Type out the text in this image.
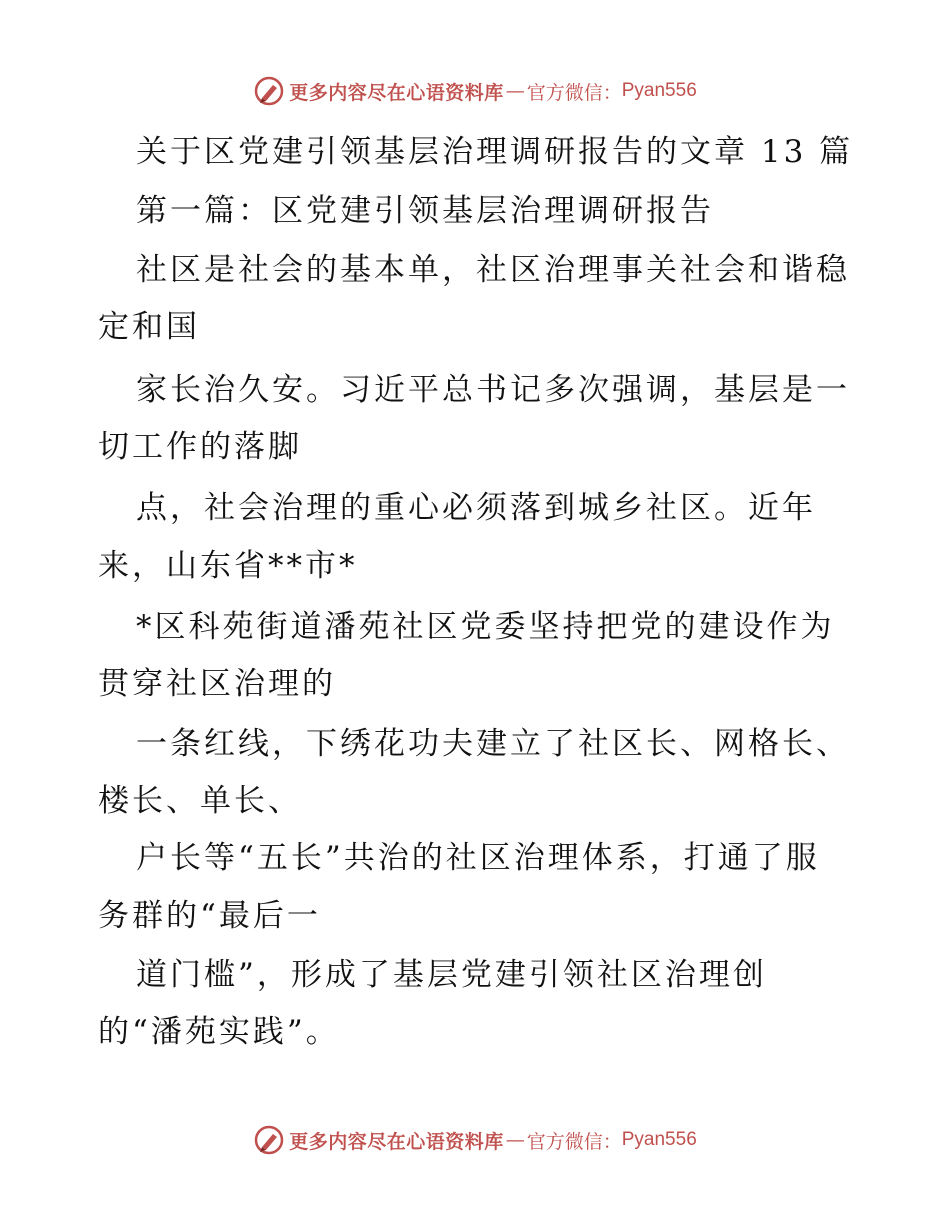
更多内容尽在心语资料库 — 官方微信： Pyan556
关于区党建引领基层治理调研报告的文章 13 篇
第一篇：区党建引领基层治理调研报告
社区是社会的基本单，社区治理事关社会和谐稳
定和国
家长治久安。习近平总书记多次强调，基层是一
切工作的落脚
点，社会治理的重心必须落到城乡社区。近年
来，山东省**市*
*区科苑街道潘苑社区党委坚持把党的建设作为
贯穿社区治理的
一条红线，下绣花功夫建立了社区长、网格长、
楼长、单长、
户长等“五长”共治的社区治理体系，打通了服
务群的“最后一
道门槛”，形成了基层党建引领社区治理创
的“潘苑实践”。
更多内容尽在心语资料库 — 官方微信： Pyan556
